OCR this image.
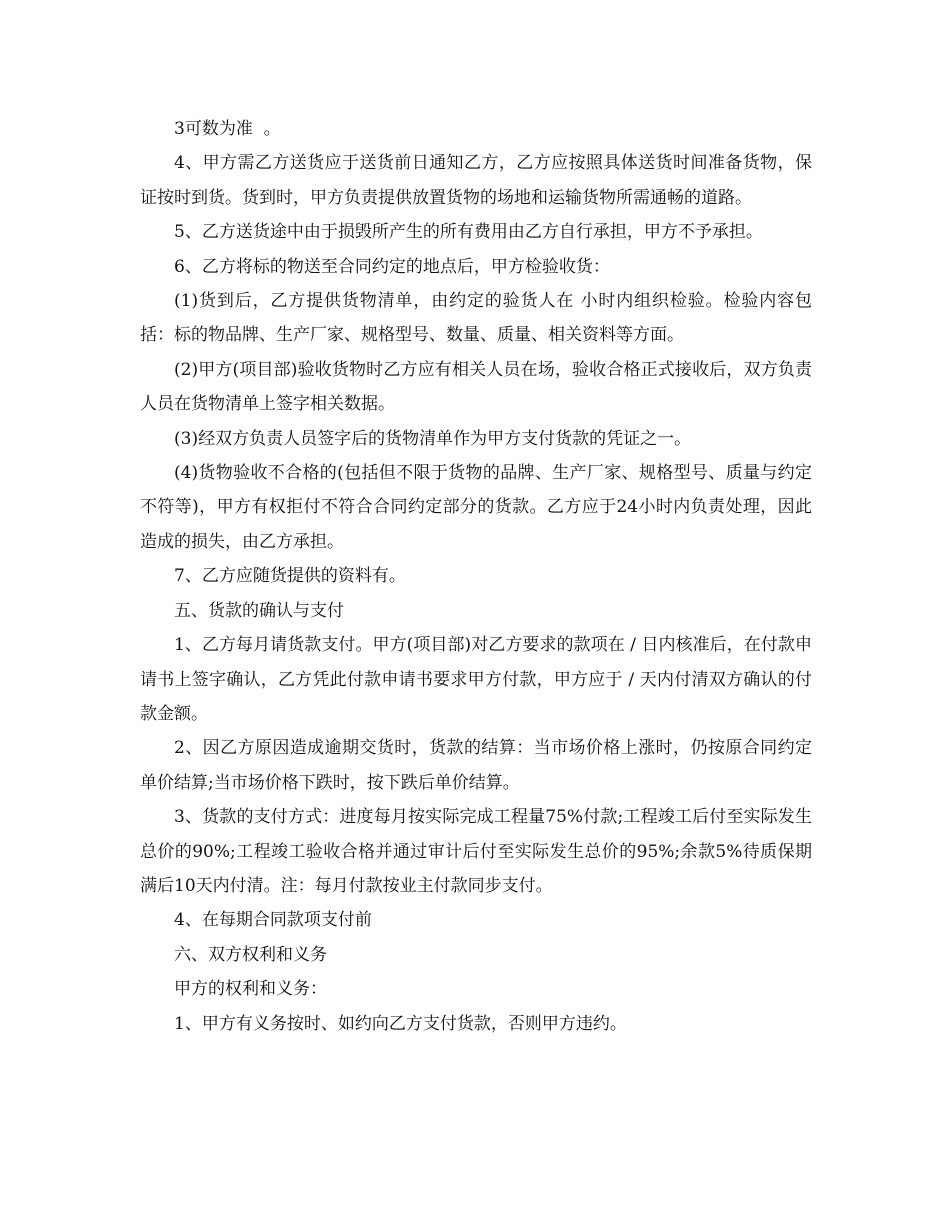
3可数为准  。

4、甲方需乙方送货应于送货前日通知乙方，乙方应按照具体送货时间准备货物，保证按时到货。货到时，甲方负责提供放置货物的场地和运输货物所需通畅的道路。

5、乙方送货途中由于损毁所产生的所有费用由乙方自行承担，甲方不予承担。

6、乙方将标的物送至合同约定的地点后，甲方检验收货：

(1)货到后，乙方提供货物清单，由约定的验货人在 小时内组织检验。检验内容包括：标的物品牌、生产厂家、规格型号、数量、质量、相关资料等方面。

(2)甲方(项目部)验收货物时乙方应有相关人员在场，验收合格正式接收后，双方负责人员在货物清单上签字相关数据。

(3)经双方负责人员签字后的货物清单作为甲方支付货款的凭证之一。

(4)货物验收不合格的(包括但不限于货物的品牌、生产厂家、规格型号、质量与约定不符等)，甲方有权拒付不符合合同约定部分的货款。乙方应于24小时内负责处理，因此造成的损失，由乙方承担。

7、乙方应随货提供的资料有。

五、货款的确认与支付

1、乙方每月请货款支付。甲方(项目部)对乙方要求的款项在 / 日内核准后，在付款申请书上签字确认，乙方凭此付款申请书要求甲方付款，甲方应于 / 天内付清双方确认的付款金额。

2、因乙方原因造成逾期交货时，货款的结算：当市场价格上涨时，仍按原合同约定单价结算;当市场价格下跌时，按下跌后单价结算。

3、货款的支付方式：进度每月按实际完成工程量75%付款;工程竣工后付至实际发生总价的90%;工程竣工验收合格并通过审计后付至实际发生总价的95%;余款5%待质保期满后10天内付清。注：每月付款按业主付款同步支付。

4、在每期合同款项支付前

六、双方权利和义务

甲方的权利和义务：

1、甲方有义务按时、如约向乙方支付货款，否则甲方违约。
